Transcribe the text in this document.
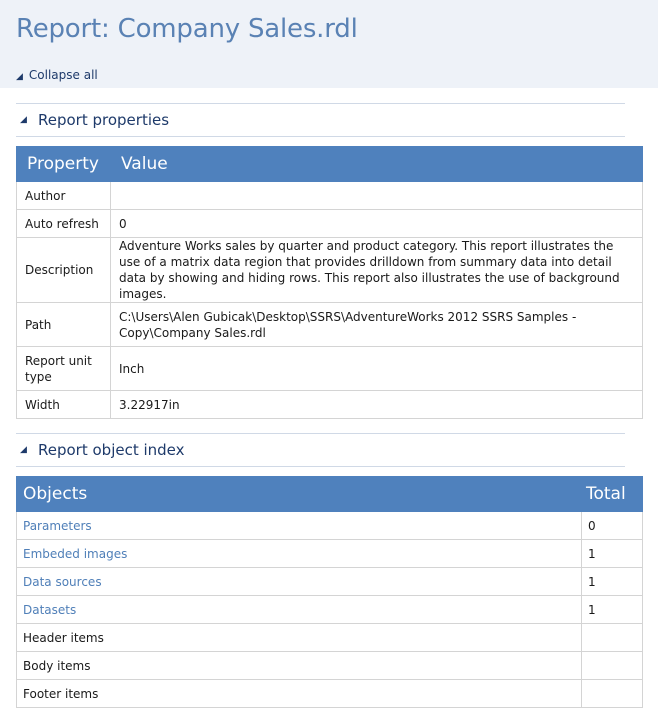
Report: Company Sales.rdl
◢ Collapse all
◢ Report properties
Property	Value
Author	
Auto refresh	0
Description	Adventure Works sales by quarter and product category. This report illustrates the use of a matrix data region that provides drilldown from summary data into detail data by showing and hiding rows. This report also illustrates the use of background images.
Path	C:\Users\Alen Gubicak\Desktop\SSRS\AdventureWorks 2012 SSRS Samples - Copy\Company Sales.rdl
Report unit type	Inch
Width	3.22917in
◢ Report object index
Objects	Total
Parameters	0
Embeded images	1
Data sources	1
Datasets	1
Header items	
Body items	
Footer items	
